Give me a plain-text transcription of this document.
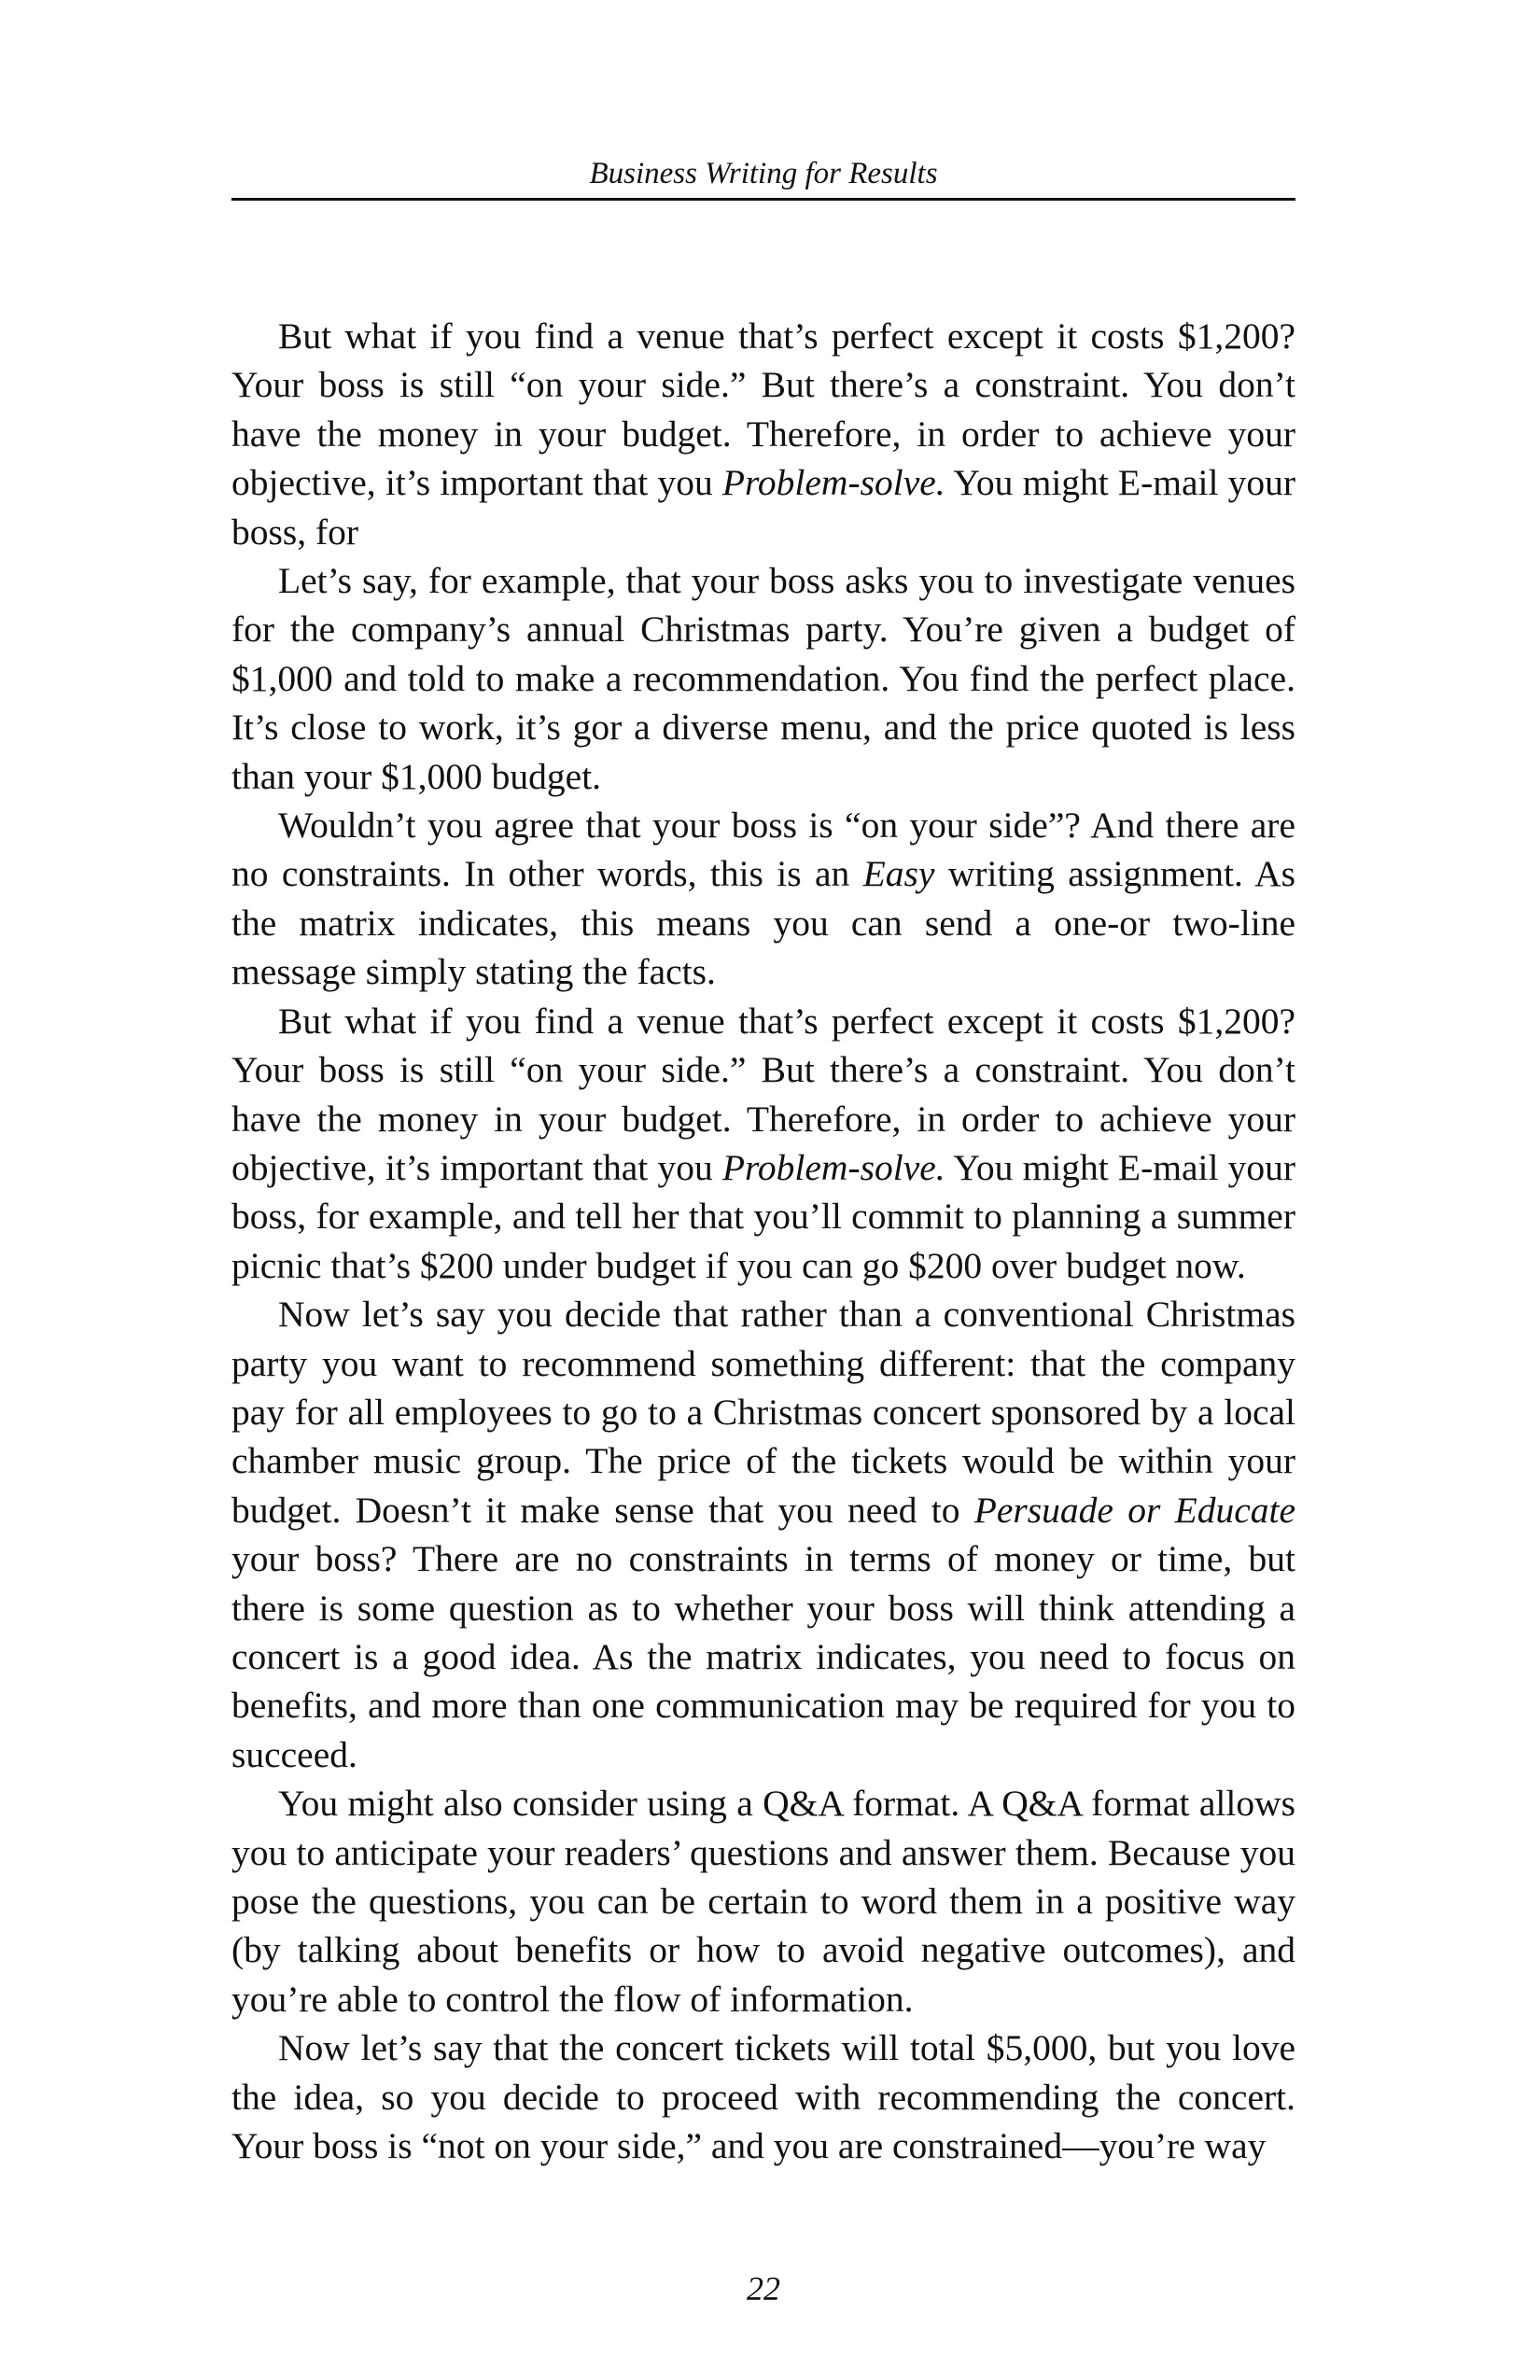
Business Writing for Results

But what if you find a venue that’s perfect except it costs $1,200? Your boss is still “on your side.” But there’s a constraint. You don’t have the money in your budget. Therefore, in order to achieve your objective, it’s important that you Problem-solve. You might E-mail your boss, for

Let’s say, for example, that your boss asks you to investigate venues for the company’s annual Christmas party. You’re given a budget of $1,000 and told to make a recommendation. You find the perfect place. It’s close to work, it’s gor a diverse menu, and the price quoted is less than your $1,000 budget.

Wouldn’t you agree that your boss is “on your side”? And there are no constraints. In other words, this is an Easy writing assignment. As the matrix indicates, this means you can send a one-or two-line message simply stating the facts.

But what if you find a venue that’s perfect except it costs $1,200? Your boss is still “on your side.” But there’s a constraint. You don’t have the money in your budget. Therefore, in order to achieve your objective, it’s important that you Problem-solve. You might E-mail your boss, for example, and tell her that you’ll commit to planning a summer picnic that’s $200 under budget if you can go $200 over budget now.

Now let’s say you decide that rather than a conventional Christmas party you want to recommend something different: that the company pay for all employees to go to a Christmas concert sponsored by a local chamber music group. The price of the tickets would be within your budget. Doesn’t it make sense that you need to Persuade or Educate your boss? There are no constraints in terms of money or time, but there is some question as to whether your boss will think attending a concert is a good idea. As the matrix indicates, you need to focus on benefits, and more than one communication may be required for you to succeed.

You might also consider using a Q&A format. A Q&A format allows you to anticipate your readers’ questions and answer them. Because you pose the questions, you can be certain to word them in a positive way (by talking about benefits or how to avoid negative outcomes), and you’re able to control the flow of information.

Now let’s say that the concert tickets will total $5,000, but you love the idea, so you decide to proceed with recommending the concert. Your boss is “not on your side,” and you are constrained—you’re way

22
